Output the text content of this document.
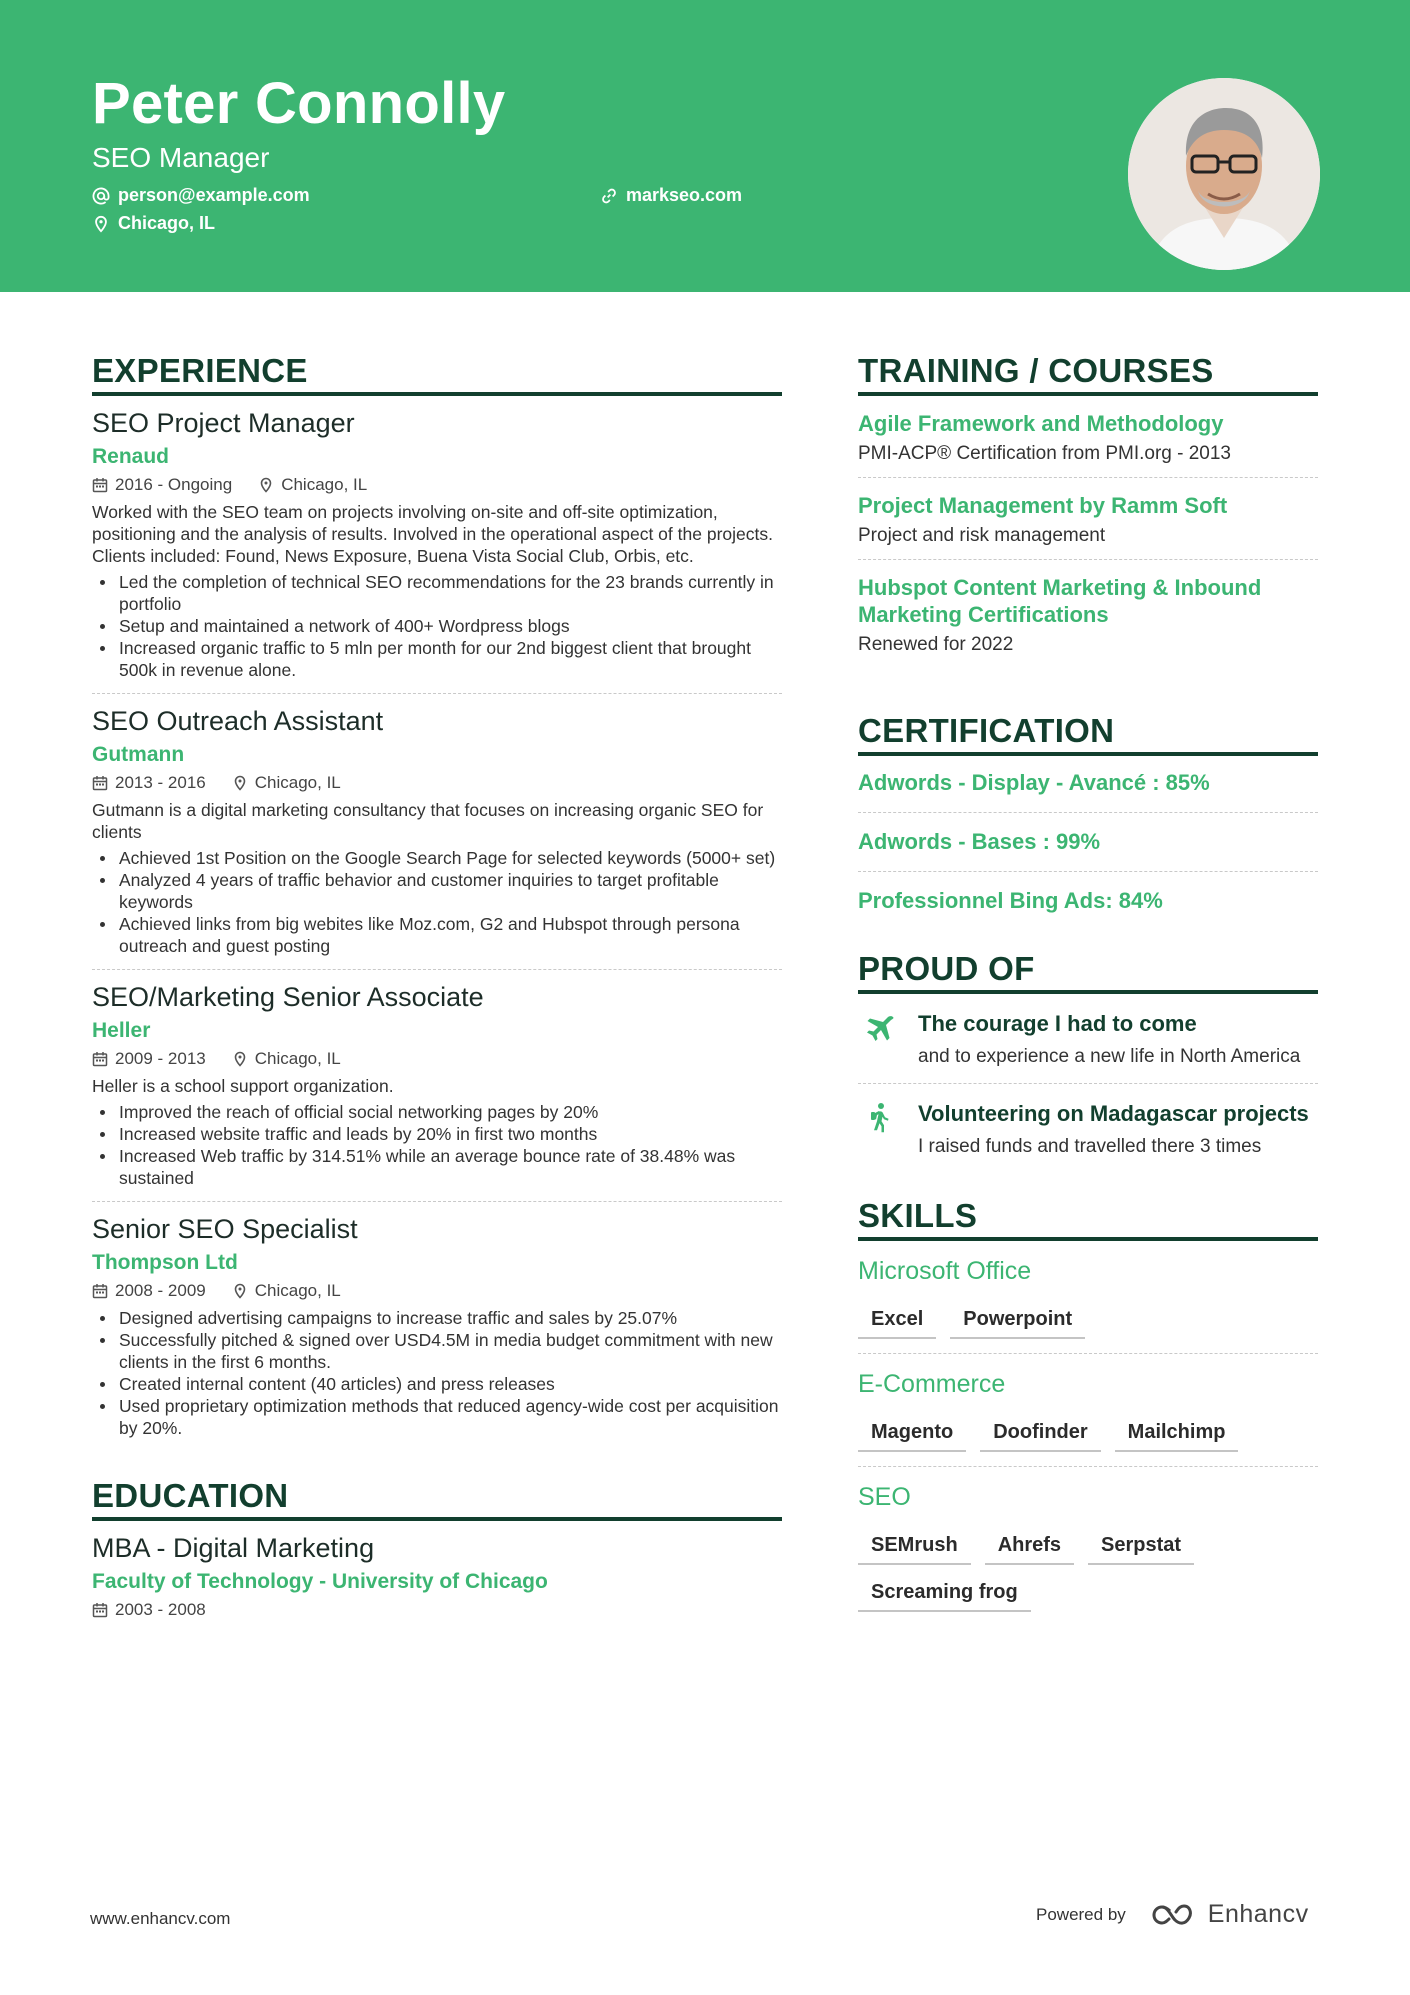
Peter Connolly
SEO Manager
person@example.com	markseo.com
Chicago, IL
EXPERIENCE
SEO Project Manager
Renaud
2016 - Ongoing	Chicago, IL
Worked with the SEO team on projects involving on-site and off-site optimization, positioning and the analysis of results. Involved in the operational aspect of the projects. Clients included: Found, News Exposure, Buena Vista Social Club, Orbis, etc.
Led the completion of technical SEO recommendations for the 23 brands currently in portfolio
Setup and maintained a network of 400+ Wordpress blogs
Increased organic traffic to 5 mln per month for our 2nd biggest client that brought 500k in revenue alone.
SEO Outreach Assistant
Gutmann
2013 - 2016	Chicago, IL
Gutmann is a digital marketing consultancy that focuses on increasing organic SEO for clients
Achieved 1st Position on the Google Search Page for selected keywords (5000+ set)
Analyzed 4 years of traffic behavior and customer inquiries to target profitable keywords
Achieved links from big webites like Moz.com, G2 and Hubspot through persona outreach and guest posting
SEO/Marketing Senior Associate
Heller
2009 - 2013	Chicago, IL
Heller is a school support organization.
Improved the reach of official social networking pages by 20%
Increased website traffic and leads by 20% in first two months
Increased Web traffic by 314.51% while an average bounce rate of 38.48% was sustained
Senior SEO Specialist
Thompson Ltd
2008 - 2009	Chicago, IL
Designed advertising campaigns to increase traffic and sales by 25.07%
Successfully pitched & signed over USD4.5M in media budget commitment with new clients in the first 6 months.
Created internal content (40 articles) and press releases
Used proprietary optimization methods that reduced agency-wide cost per acquisition by 20%.
EDUCATION
MBA - Digital Marketing
Faculty of Technology - University of Chicago
2003 - 2008
TRAINING / COURSES
Agile Framework and Methodology
PMI-ACP® Certification from PMI.org - 2013
Project Management by Ramm Soft
Project and risk management
Hubspot Content Marketing & Inbound Marketing Certifications
Renewed for 2022
CERTIFICATION
Adwords - Display - Avancé : 85%
Adwords - Bases : 99%
Professionnel Bing Ads: 84%
PROUD OF
The courage I had to come
and to experience a new life in North America
Volunteering on Madagascar projects
I raised funds and travelled there 3 times
SKILLS
Microsoft Office
Excel	Powerpoint
E-Commerce
Magento	Doofinder	Mailchimp
SEO
SEMrush	Ahrefs	Serpstat
Screaming frog
www.enhancv.com	Powered by	Enhancv
